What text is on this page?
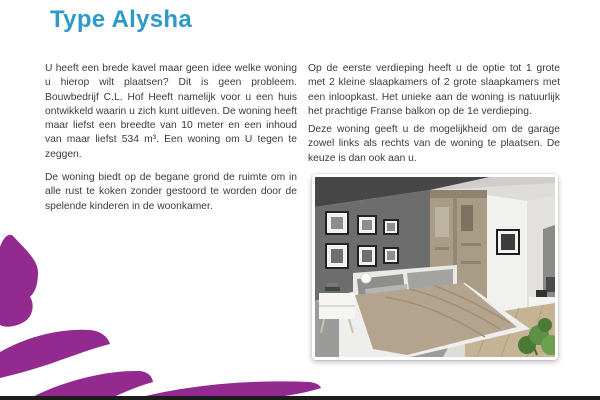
Type Alysha

U heeft een brede kavel maar geen idee welke woning u hierop wilt plaatsen? Dit is geen probleem. Bouwbedrijf C.L. Hof Heeft namelijk voor u een huis ontwikkeld waarin u zich kunt uitleven. De woning heeft maar liefst een breedte van 10 meter en een inhoud van maar liefst 534 m³. Een woning om U tegen te zeggen.

De woning biedt op de begane grond de ruimte om in alle rust te koken zonder gestoord te worden door de spelende kinderen in de woonkamer.

Op de eerste verdieping heeft u de optie tot 1 grote met 2 kleine slaapkamers of 2 grote slaapkamers met een inloopkast. Het unieke aan de woning is natuurlijk het prachtige Franse balkon op de 1e verdieping.

Deze woning geeft u de mogelijkheid om de garage zowel links als rechts van de woning te plaatsen. De keuze is dan ook aan u.
